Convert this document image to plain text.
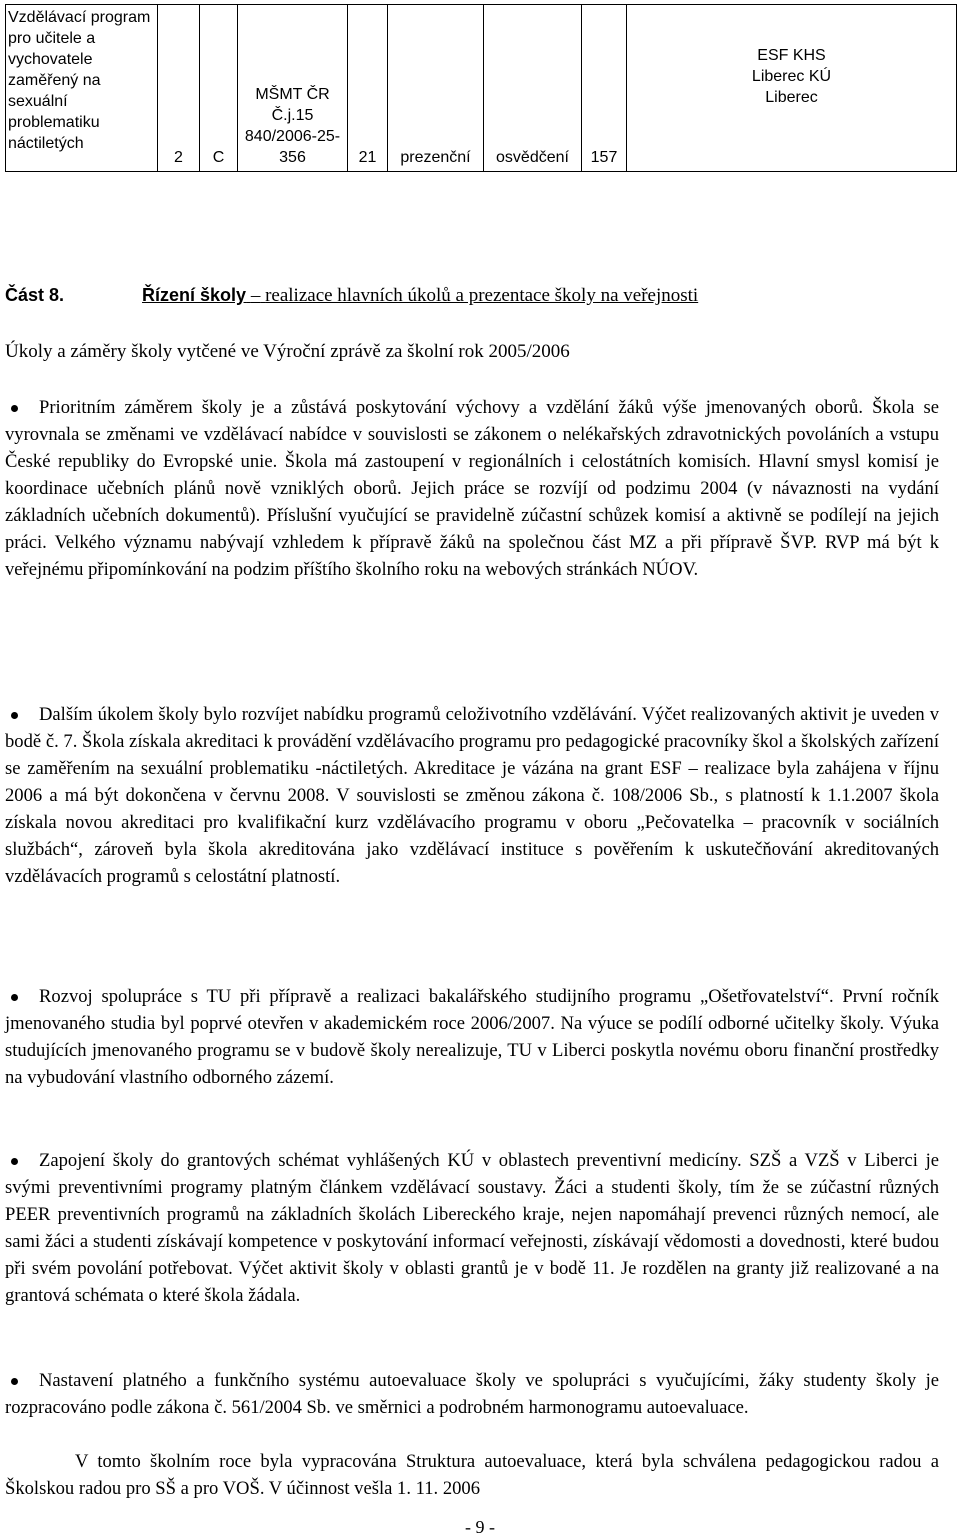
Vzdělávací program pro učitele a vychovatele zaměřený na sexuální problematiku náctiletých	2	C	MŠMT ČR Č.j.15 840/2006-25-356	21	prezenční	osvědčení	157	ESF KHS Liberec KÚ Liberec
Část 8.	Řízení školy – realizace hlavních úkolů a prezentace školy na veřejnosti
Úkoly a záměry školy vytčené ve Výroční zprávě za školní rok 2005/2006
Prioritním záměrem školy je a zůstává poskytování výchovy a vzdělání žáků výše jmenovaných oborů. Škola se vyrovnala se změnami ve vzdělávací nabídce v souvislosti se zákonem o nelékařských zdravotnických povoláních a vstupu České republiky do Evropské unie. Škola má zastoupení v regionálních i celostátních komisích. Hlavní smysl komisí je koordinace učebních plánů nově vzniklých oborů. Jejich práce se rozvíjí od podzimu 2004 (v návaznosti na vydání základních učebních dokumentů). Příslušní vyučující se pravidelně zúčastní schůzek komisí a aktivně se podílejí na jejich práci. Velkého významu nabývají vzhledem k přípravě žáků na společnou část MZ a při přípravě ŠVP. RVP má být k veřejnému připomínkování na podzim příštího školního roku na webových stránkách NÚOV.
Dalším úkolem školy bylo rozvíjet nabídku programů celoživotního vzdělávání. Výčet realizovaných aktivit je uveden v bodě č. 7. Škola získala akreditaci k provádění vzdělávacího programu pro pedagogické pracovníky škol a školských zařízení se zaměřením na sexuální problematiku -náctiletých. Akreditace je vázána na grant ESF – realizace byla zahájena v říjnu 2006 a má být dokončena v červnu 2008. V souvislosti se změnou zákona č. 108/2006 Sb., s platností k 1.1.2007 škola získala novou akreditaci pro kvalifikační kurz vzdělávacího programu v oboru „Pečovatelka – pracovník v sociálních službách“, zároveň byla škola akreditována jako vzdělávací instituce s pověřením k uskutečňování akreditovaných vzdělávacích programů s celostátní platností.
Rozvoj spolupráce s TU při přípravě a realizaci bakalářského studijního programu „Ošetřovatelství“. První ročník jmenovaného studia byl poprvé otevřen v akademickém roce 2006/2007. Na výuce se podílí odborné učitelky školy. Výuka studujících jmenovaného programu se v budově školy nerealizuje, TU v Liberci poskytla novému oboru finanční prostředky na vybudování vlastního odborného zázemí.
Zapojení školy do grantových schémat vyhlášených KÚ v oblastech preventivní medicíny. SZŠ a VZŠ v Liberci je svými preventivními programy platným článkem vzdělávací soustavy. Žáci a studenti školy, tím že se zúčastní různých PEER preventivních programů na základních školách Libereckého kraje, nejen napomáhají prevenci různých nemocí, ale sami žáci a studenti získávají kompetence v poskytování informací veřejnosti, získávají vědomosti a dovednosti, které budou při svém povolání potřebovat. Výčet aktivit školy v oblasti grantů je v bodě 11. Je rozdělen na granty již realizované a na grantová schémata o které škola žádala.
Nastavení platného a funkčního systému autoevaluace školy ve spolupráci s vyučujícími, žáky studenty školy je rozpracováno podle zákona č. 561/2004 Sb. ve směrnici a podrobném harmonogramu autoevaluace.
V tomto školním roce byla vypracována Struktura autoevaluace, která byla schválena pedagogickou radou a Školskou radou pro SŠ a pro VOŠ. V účinnost vešla 1. 11. 2006
- 9 -
